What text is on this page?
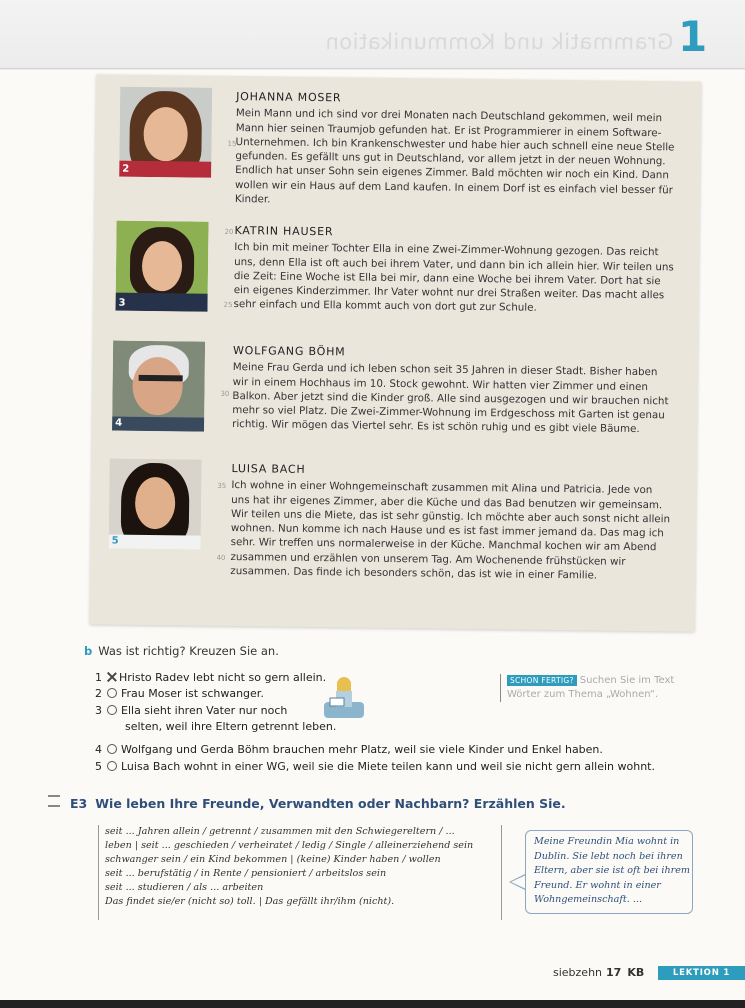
Grammatik und Kommunikation 1
2
JOHANNA MOSER

Mein Mann und ich sind vor drei Monaten nach Deutschland gekommen, weil mein Mann hier seinen Traumjob gefunden hat. Er ist Programmierer in einem Software-Unternehmen. Ich bin Krankenschwester und habe hier auch schnell eine neue Stelle gefunden. Es gefällt uns gut in Deutschland, vor allem jetzt in der neuen Wohnung. Endlich hat unser Sohn sein eigenes Zimmer. Bald möchten wir noch ein Kind. Dann wollen wir ein Haus auf dem Land kaufen. In einem Dorf ist es einfach viel besser für Kinder.

15
3
KATRIN HAUSER

Ich bin mit meiner Tochter Ella in eine Zwei-Zimmer-Wohnung gezogen. Das reicht uns, denn Ella ist oft auch bei ihrem Vater, und dann bin ich allein hier. Wir teilen uns die Zeit: Eine Woche ist Ella bei mir, dann eine Woche bei ihrem Vater. Dort hat sie ein eigenes Kinderzimmer. Ihr Vater wohnt nur drei Straßen weiter. Das macht alles sehr einfach und Ella kommt auch von dort gut zur Schule.

20
25
4
WOLFGANG BÖHM

Meine Frau Gerda und ich leben schon seit 35 Jahren in dieser Stadt. Bisher haben wir in einem Hochhaus im 10. Stock gewohnt. Wir hatten vier Zimmer und einen Balkon. Aber jetzt sind die Kinder groß. Alle sind ausgezogen und wir brauchen nicht mehr so viel Platz. Die Zwei-Zimmer-Wohnung im Erdgeschoss mit Garten ist genau richtig. Wir mögen das Viertel sehr. Es ist schön ruhig und es gibt viele Bäume.

30
5
LUISA BACH

Ich wohne in einer Wohngemeinschaft zusammen mit Alina und Patricia. Jede von uns hat ihr eigenes Zimmer, aber die Küche und das Bad benutzen wir gemeinsam. Wir teilen uns die Miete, das ist sehr günstig. Ich möchte aber auch sonst nicht allein wohnen. Nun komme ich nach Hause und es ist fast immer jemand da. Das mag ich sehr. Wir treffen uns normalerweise in der Küche. Manchmal kochen wir am Abend zusammen und erzählen von unserem Tag. Am Wochenende frühstücken wir zusammen. Das finde ich besonders schön, das ist wie in einer Familie.

35
40
b Was ist richtig? Kreuzen Sie an.
1 Hristo Radev lebt nicht so gern allein.
2 Frau Moser ist schwanger.
3 Ella sieht ihren Vater nur noch
selten, weil ihre Eltern getrennt leben.
4 Wolfgang und Gerda Böhm brauchen mehr Platz, weil sie viele Kinder und Enkel haben.
5 Luisa Bach wohnt in einer WG, weil sie die Miete teilen kann und weil sie nicht gern allein wohnt.
SCHON FERTIG? Suchen Sie im Text Wörter zum Thema „Wohnen“.
E3 Wie leben Ihre Freunde, Verwandten oder Nachbarn? Erzählen Sie.
seit ... Jahren allein / getrennt / zusammen mit den Schwiegereltern / ...
leben | seit ... geschieden / verheiratet / ledig / Single / alleinerziehend sein
schwanger sein / ein Kind bekommen | (keine) Kinder haben / wollen
seit ... berufstätig / in Rente / pensioniert / arbeitslos sein
seit ... studieren / als ... arbeiten
Das findet sie/er (nicht so) toll. | Das gefällt ihr/ihm (nicht).
Meine Freundin Mia wohnt in Dublin. Sie lebt noch bei ihren Eltern, aber sie ist oft bei ihrem Freund. Er wohnt in einer Wohngemeinschaft. ...
siebzehn 17 KB	LEKTION 1
